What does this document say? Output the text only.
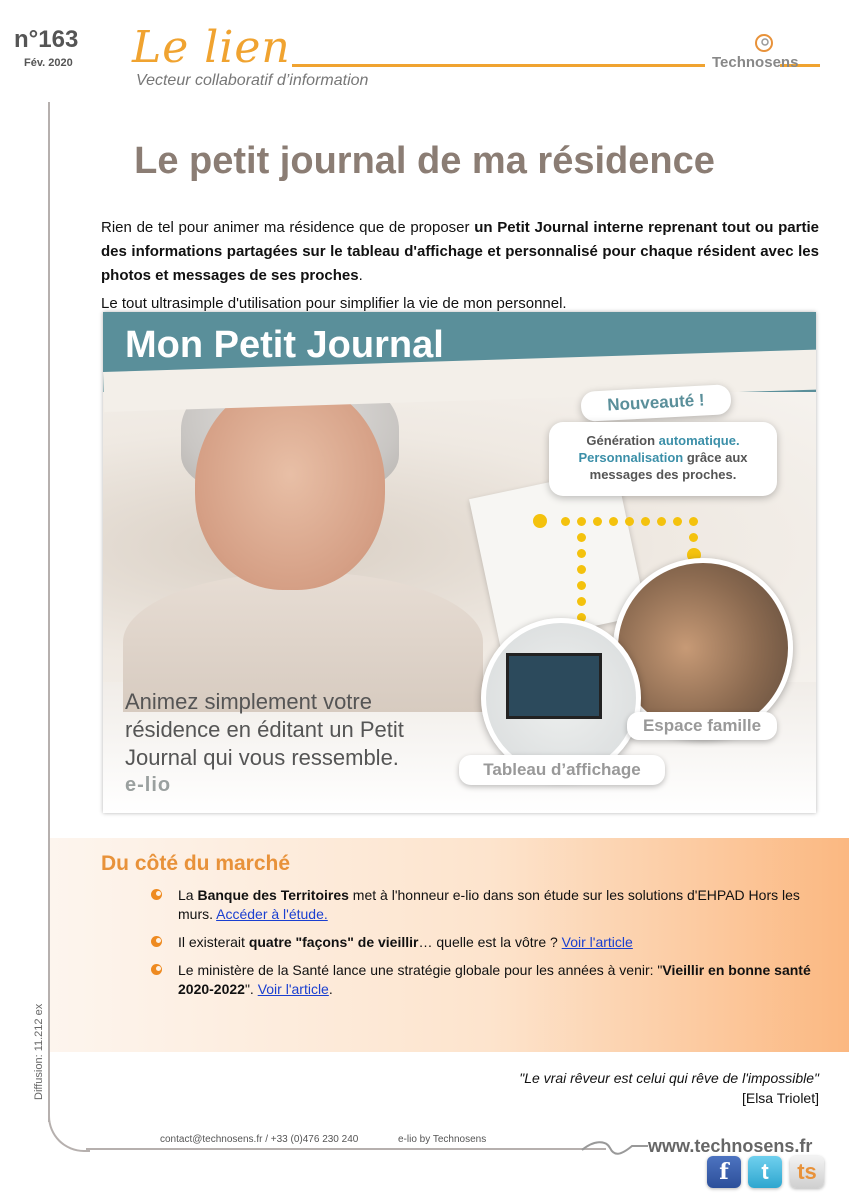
n°163
Fév. 2020 Le lien
Vecteur collaboratif d’information
Technosens
Diffusion: 11.212 ex
Le petit journal de ma résidence

Rien de tel pour animer ma résidence que de proposer un Petit Journal interne reprenant tout ou partie des informations partagées sur le tableau d'affichage et personnalisé pour chaque résident avec les photos et messages de ses proches.

Le tout ultrasimple d'utilisation pour simplifier la vie de mon personnel.

Mon Petit Journal
Nouveauté !
Génération automatique.
Personnalisation grâce aux
messages des proches.
Espace famille
Tableau d’affichage

Animez simplement votre

résidence en éditant un Petit

Journal qui vous ressemble.

e-lio
Du côté du marché
La Banque des Territoires met à l'honneur e-lio dans son étude sur les solutions d'EHPAD Hors les murs. Accéder à l'étude.
Il existerait quatre "façons" de vieillir… quelle est la vôtre ? Voir l'article
Le ministère de la Santé lance une stratégie globale pour les années à venir: "Vieillir en bonne santé 2020-2022". Voir l'article.
"Le vrai rêveur est celui qui rêve de l'impossible"
[Elsa Triolet]
contact@technosens.fr / +33 (0)476 230 240	e-lio by Technosens	www.technosens.fr
f	t	ts
